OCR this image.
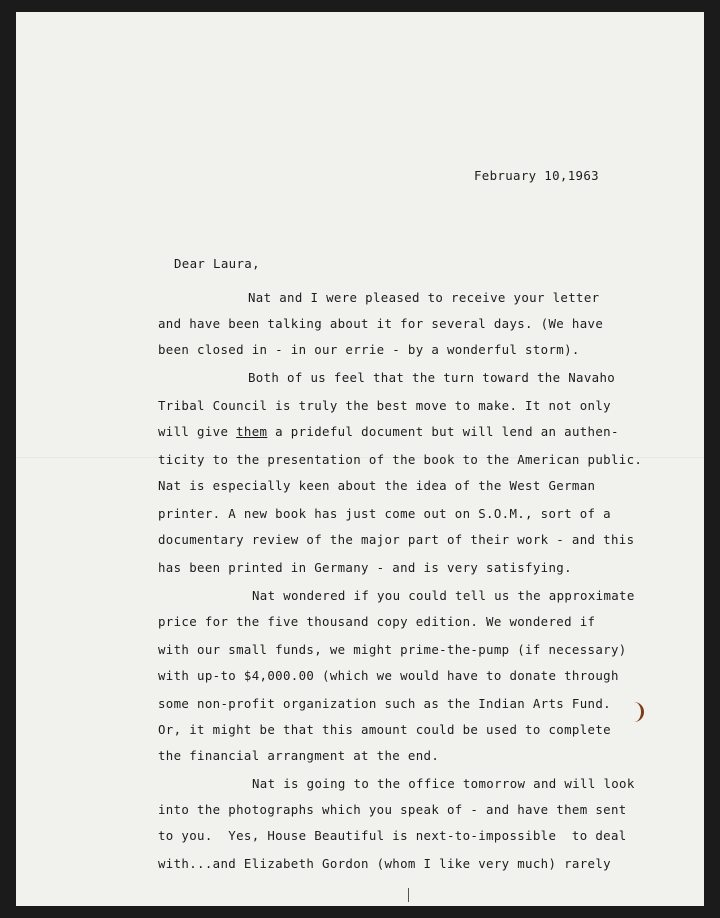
February 10,1963
Dear Laura,
Nat and I were pleased to receive your letter
and have been talking about it for several days. (We have
been closed in - in our errie - by a wonderful storm).
Both of us feel that the turn toward the Navaho
Tribal Council is truly the best move to make. It not only
will give them a prideful document but will lend an authen-
ticity to the presentation of the book to the American public.
Nat is especially keen about the idea of the West German
printer. A new book has just come out on S.O.M., sort of a
documentary review of the major part of their work - and this
has been printed in Germany - and is very satisfying.
Nat wondered if you could tell us the approximate
price for the five thousand copy edition. We wondered if
with our small funds, we might prime-the-pump (if necessary)
with up-to $4,000.00 (which we would have to donate through
some non-profit organization such as the Indian Arts Fund.
Or, it might be that this amount could be used to complete
the financial arrangment at the end.
Nat is going to the office tomorrow and will look
into the photographs which you speak of - and have them sent
to you.  Yes, House Beautiful is next-to-impossible  to deal
with...and Elizabeth Gordon (whom I like very much) rarely
